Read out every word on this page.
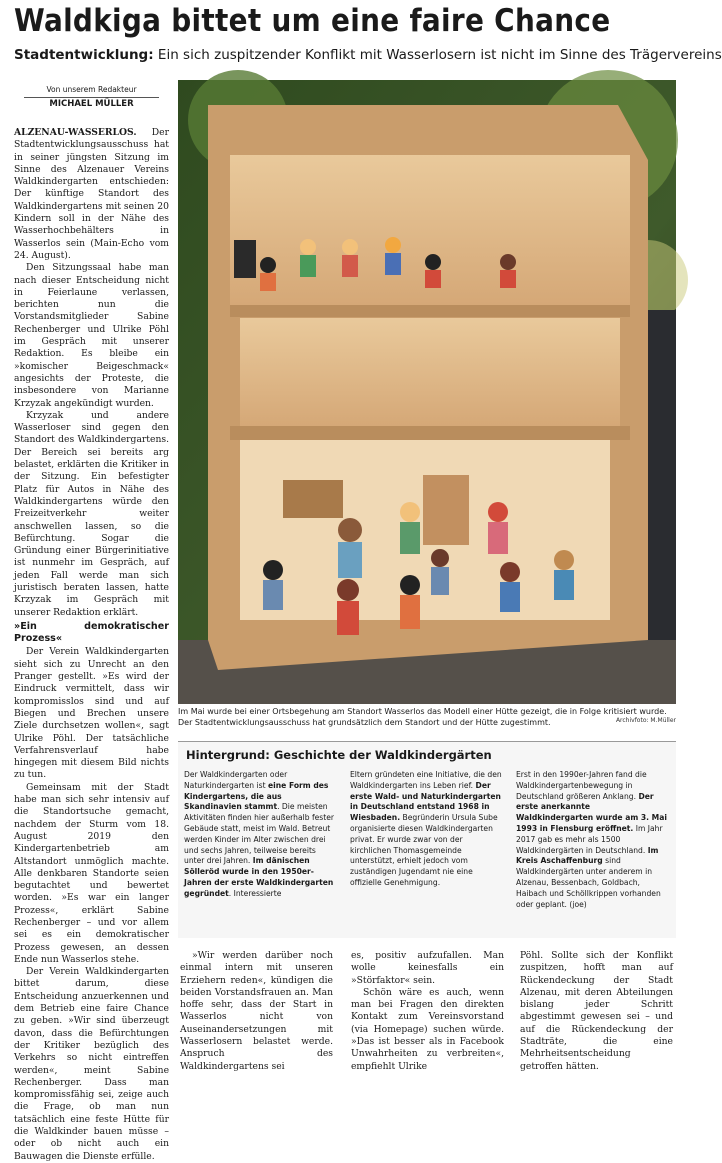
Waldkiga bittet um eine faire Chance

Stadtentwicklung: Ein sich zuspitzender Konflikt mit Wasserlosern ist nicht im Sinne des Trägervereins

Von unserem Redakteur
MICHAEL MÜLLER

ALZENAU-WASSERLOS. Der Stadtentwicklungsausschuss hat in seiner jüngsten Sitzung im Sinne des Alzenauer Vereins Waldkindergarten entschieden: Der künftige Standort des Waldkindergartens mit seinen 20 Kindern soll in der Nähe des Wasserhochbehälters in Wasserlos sein (Main-Echo vom 24. August).

Den Sitzungssaal habe man nach dieser Entscheidung nicht in Feierlaune verlassen, berichten nun die Vorstandsmitglieder Sabine Rechenberger und Ulrike Pöhl im Gespräch mit unserer Redaktion. Es bleibe ein »komischer Beigeschmack« angesichts der Proteste, die insbesondere von Marianne Krzyzak angekündigt wurden.

Krzyzak und andere Wasserloser sind gegen den Standort des Waldkindergartens. Der Bereich sei bereits arg belastet, erklärten die Kritiker in der Sitzung. Ein befestigter Platz für Autos in Nähe des Waldkindergartens würde den Freizeitverkehr weiter anschwellen lassen, so die Befürchtung. Sogar die Gründung einer Bürgerinitiative ist nunmehr im Gespräch, auf jeden Fall werde man sich juristisch beraten lassen, hatte Krzyzak im Gespräch mit unserer Redaktion erklärt.

»Ein demokratischer Prozess«

Der Verein Waldkindergarten sieht sich zu Unrecht an den Pranger gestellt. »Es wird der Eindruck vermittelt, dass wir kompromisslos sind und auf Biegen und Brechen unsere Ziele durchsetzen wollen«, sagt Ulrike Pöhl. Der tatsächliche Verfahrensverlauf habe hingegen mit diesem Bild nichts zu tun.

Gemeinsam mit der Stadt habe man sich sehr intensiv auf die Standortsuche gemacht, nachdem der Sturm vom 18. August 2019 den Kindergartenbetrieb am Altstandort unmöglich machte. Alle denkbaren Standorte seien begutachtet und bewertet worden. »Es war ein langer Prozess«, erklärt Sabine Rechenberger – und vor allem sei es ein demokratischer Prozess gewesen, an dessen Ende nun Wasserlos stehe.

Der Verein Waldkindergarten bittet darum, diese Entscheidung anzuerkennen und dem Betrieb eine faire Chance zu geben. »Wir sind überzeugt davon, dass die Befürchtungen der Kritiker bezüglich des Verkehrs so nicht eintreffen werden«, meint Sabine Rechenberger. Dass man kompromissfähig sei, zeige auch die Frage, ob man nun tatsächlich eine feste Hütte für die Waldkinder bauen müsse – oder ob nicht auch ein Bauwagen die Dienste erfülle.

Im Mai wurde bei einer Ortsbegehung am Standort Wasserlos das Modell einer Hütte gezeigt, die in Folge kritisiert wurde. Der Stadtentwicklungsausschuss hat grundsätzlich dem Standort und der Hütte zugestimmt.	Archivfoto: M.Müller
Hintergrund: Geschichte der Waldkindergärten
Der Waldkindergarten oder Naturkindergarten ist eine Form des Kindergartens, die aus Skandinavien stammt. Die meisten Aktivitäten finden hier außerhalb fester Gebäude statt, meist im Wald. Betreut werden Kinder im Alter zwischen drei und sechs Jahren, teilweise bereits unter drei Jahren. Im dänischen Sölleröd wurde in den 1950er-Jahren der erste Waldkindergarten gegründet. Interessierte
Eltern gründeten eine Initiative, die den Waldkindergarten ins Leben rief. Der erste Wald- und Naturkindergarten in Deutschland entstand 1968 in Wiesbaden. Begründerin Ursula Sube organisierte diesen Waldkindergarten privat. Er wurde zwar von der kirchlichen Thomasgemeinde unterstützt, erhielt jedoch vom zuständigen Jugendamt nie eine offizielle Genehmigung.
Erst in den 1990er-Jahren fand die Waldkindergartenbewegung in Deutschland größeren Anklang. Der erste anerkannte Waldkindergarten wurde am 3. Mai 1993 in Flensburg eröffnet. Im Jahr 2017 gab es mehr als 1500 Waldkindergärten in Deutschland. Im Kreis Aschaffenburg sind Waldkindergärten unter anderem in Alzenau, Bessenbach, Goldbach, Haibach und Schöllkrippen vorhanden oder geplant. (joe)

»Wir werden darüber noch einmal intern mit unseren Erziehern reden«, kündigen die beiden Vorstandsfrauen an. Man hoffe sehr, dass der Start in Wasserlos nicht von Auseinandersetzungen mit Wasserlosern belastet werde. Anspruch des Waldkindergartens sei

es, positiv aufzufallen. Man wolle keinesfalls ein »Störfaktor« sein.

Schön wäre es auch, wenn man bei Fragen den direkten Kontakt zum Vereinsvorstand (via Homepage) suchen würde. »Das ist besser als in Facebook Unwahrheiten zu verbreiten«, empfiehlt Ulrike

Pöhl. Sollte sich der Konflikt zuspitzen, hofft man auf Rückendeckung der Stadt Alzenau, mit deren Abteilungen bislang jeder Schritt abgestimmt gewesen sei – und auf die Rückendeckung der Stadträte, die eine Mehrheitsentscheidung getroffen hätten.
